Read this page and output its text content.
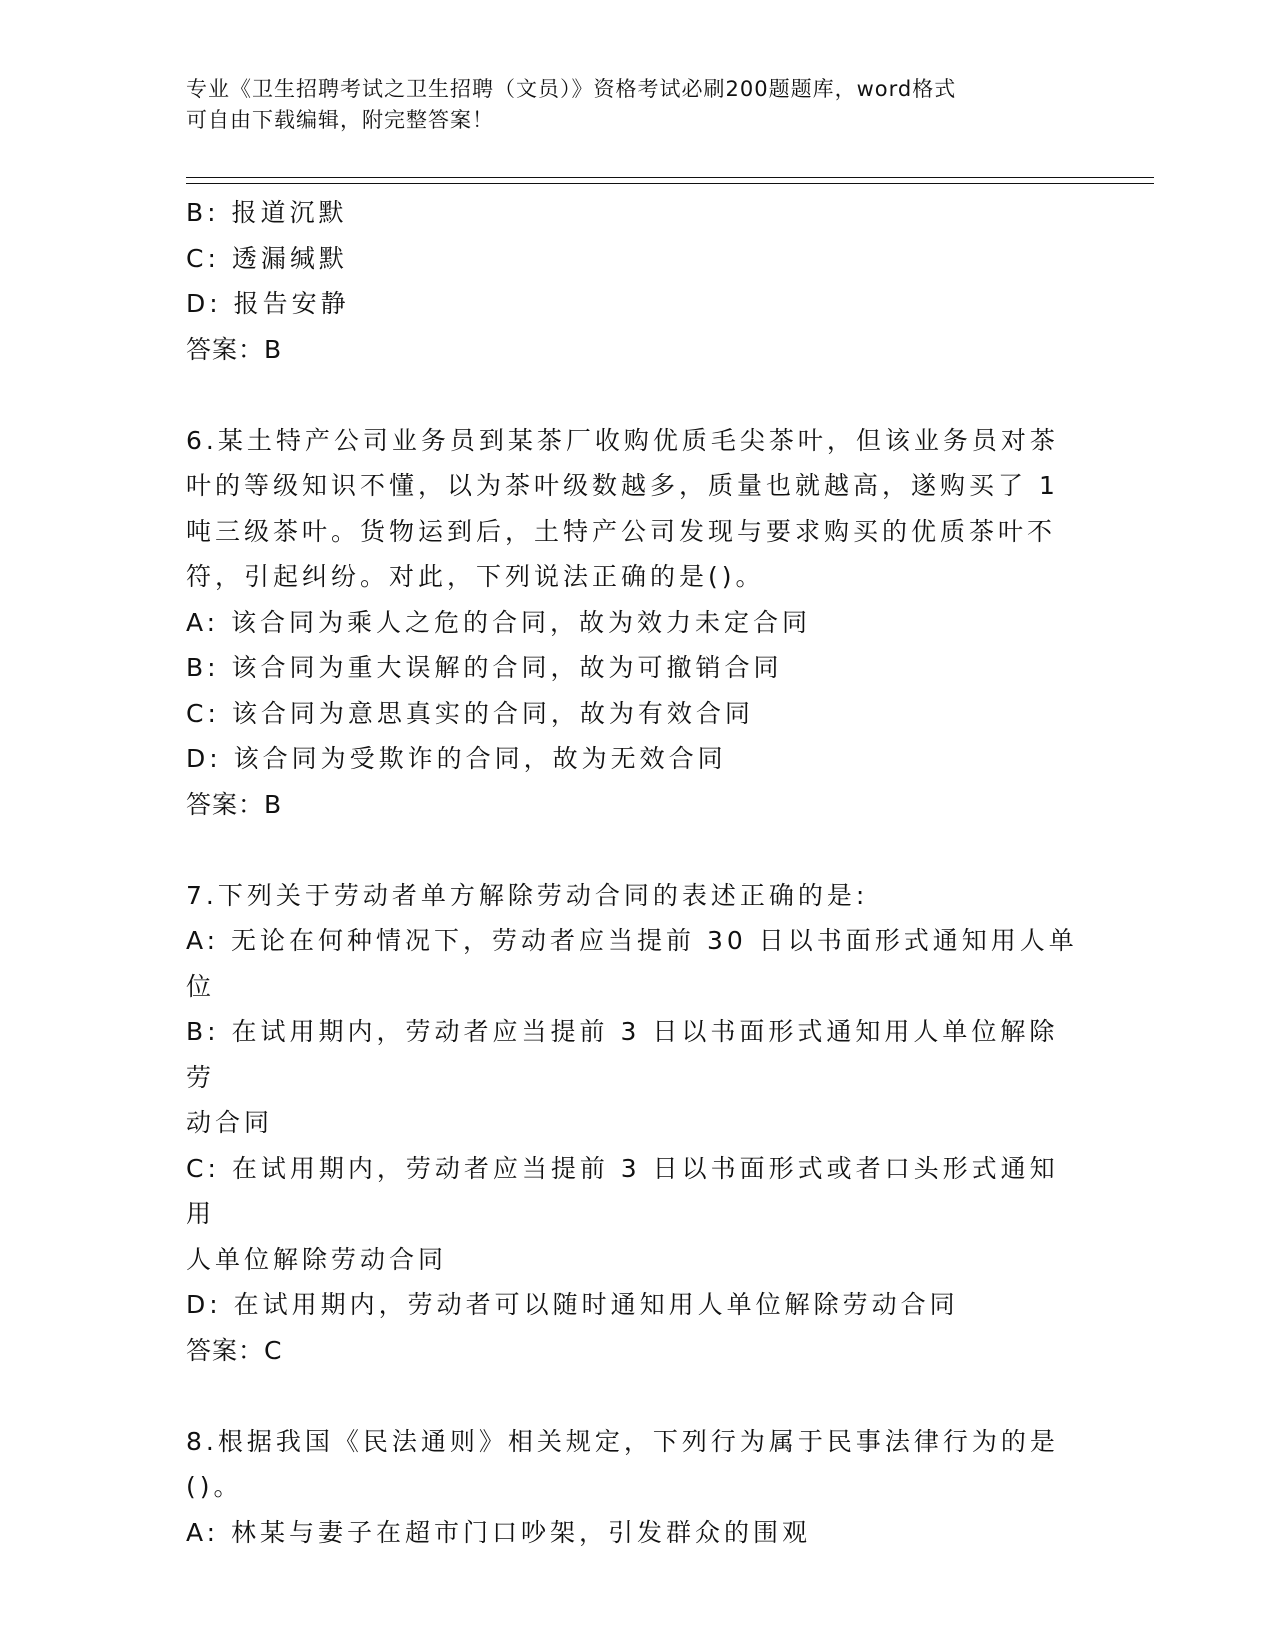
专业《卫生招聘考试之卫生招聘（文员）》资格考试必刷200题题库，word格式
可自由下载编辑，附完整答案！

B: 报道沉默

C: 透漏缄默

D: 报告安静

答案：B

6.某土特产公司业务员到某茶厂收购优质毛尖茶叶，但该业务员对茶

叶的等级知识不懂，以为茶叶级数越多，质量也就越高，遂购买了 1

吨三级茶叶。货物运到后，土特产公司发现与要求购买的优质茶叶不

符，引起纠纷。对此，下列说法正确的是()。

A: 该合同为乘人之危的合同，故为效力未定合同

B: 该合同为重大误解的合同，故为可撤销合同

C: 该合同为意思真实的合同，故为有效合同

D: 该合同为受欺诈的合同，故为无效合同

答案：B

7.下列关于劳动者单方解除劳动合同的表述正确的是:

A: 无论在何种情况下，劳动者应当提前 30 日以书面形式通知用人单

位

B: 在试用期内，劳动者应当提前 3 日以书面形式通知用人单位解除劳

动合同

C: 在试用期内，劳动者应当提前 3 日以书面形式或者口头形式通知用

人单位解除劳动合同

D: 在试用期内，劳动者可以随时通知用人单位解除劳动合同

答案：C

8.根据我国《民法通则》相关规定，下列行为属于民事法律行为的是

()。

A: 林某与妻子在超市门口吵架，引发群众的围观
